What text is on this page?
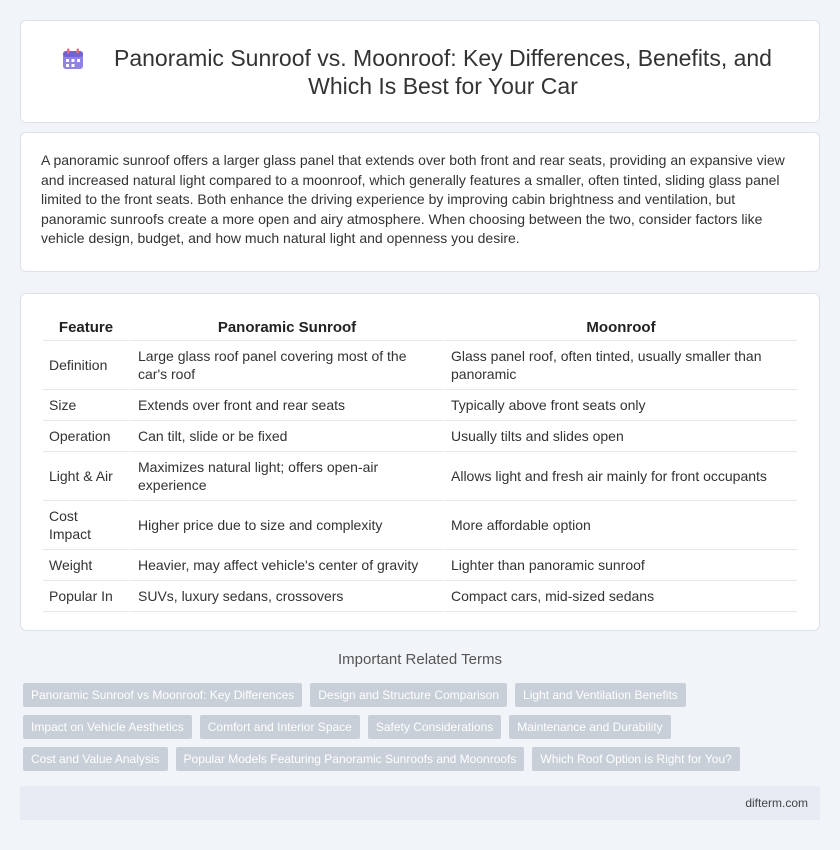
Panoramic Sunroof vs. Moonroof: Key Differences, Benefits, and Which Is Best for Your Car

A panoramic sunroof offers a larger glass panel that extends over both front and rear seats, providing an expansive view and increased natural light compared to a moonroof, which generally features a smaller, often tinted, sliding glass panel limited to the front seats. Both enhance the driving experience by improving cabin brightness and ventilation, but panoramic sunroofs create a more open and airy atmosphere. When choosing between the two, consider factors like vehicle design, budget, and how much natural light and openness you desire.

Feature	Panoramic Sunroof	Moonroof
Definition	Large glass roof panel covering most of the car's roof	Glass panel roof, often tinted, usually smaller than panoramic
Size	Extends over front and rear seats	Typically above front seats only
Operation	Can tilt, slide or be fixed	Usually tilts and slides open
Light & Air	Maximizes natural light; offers open-air experience	Allows light and fresh air mainly for front occupants
Cost Impact	Higher price due to size and complexity	More affordable option
Weight	Heavier, may affect vehicle's center of gravity	Lighter than panoramic sunroof
Popular In	SUVs, luxury sedans, crossovers	Compact cars, mid-sized sedans
Important Related Terms
Panoramic Sunroof vs Moonroof: Key Differences	Design and Structure Comparison	Light and Ventilation Benefits
Impact on Vehicle Aesthetics	Comfort and Interior Space	Safety Considerations	Maintenance and Durability
Cost and Value Analysis	Popular Models Featuring Panoramic Sunroofs and Moonroofs	Which Roof Option is Right for You?
difterm.com
